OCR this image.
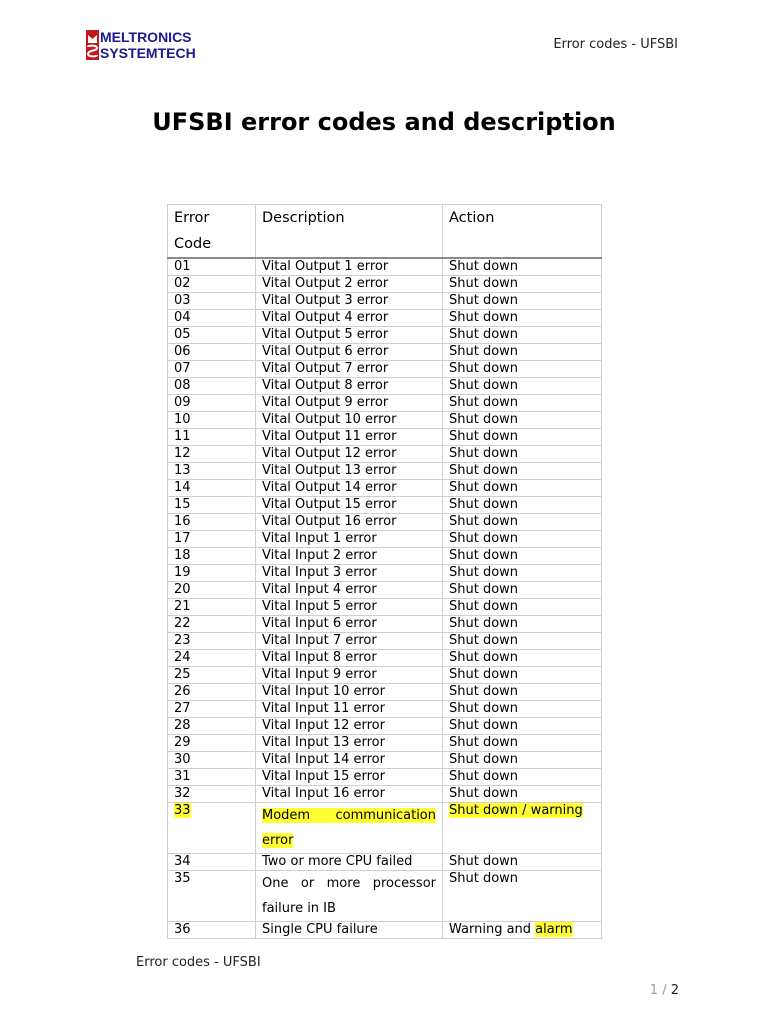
MELTRONICS
SYSTEMTECH
Error codes - UFSBI
UFSBI error codes and description
Error Code	Description	Action
01	Vital Output 1 error	Shut down
02	Vital Output 2 error	Shut down
03	Vital Output 3 error	Shut down
04	Vital Output 4 error	Shut down
05	Vital Output 5 error	Shut down
06	Vital Output 6 error	Shut down
07	Vital Output 7 error	Shut down
08	Vital Output 8 error	Shut down
09	Vital Output 9 error	Shut down
10	Vital Output 10 error	Shut down
11	Vital Output 11 error	Shut down
12	Vital Output 12 error	Shut down
13	Vital Output 13 error	Shut down
14	Vital Output 14 error	Shut down
15	Vital Output 15 error	Shut down
16	Vital Output 16 error	Shut down
17	Vital Input 1 error	Shut down
18	Vital Input 2 error	Shut down
19	Vital Input 3 error	Shut down
20	Vital Input 4 error	Shut down
21	Vital Input 5 error	Shut down
22	Vital Input 6 error	Shut down
23	Vital Input 7 error	Shut down
24	Vital Input 8 error	Shut down
25	Vital Input 9 error	Shut down
26	Vital Input 10 error	Shut down
27	Vital Input 11 error	Shut down
28	Vital Input 12 error	Shut down
29	Vital Input 13 error	Shut down
30	Vital Input 14 error	Shut down
31	Vital Input 15 error	Shut down
32	Vital Input 16 error	Shut down
33	Modem communication error	Shut down / warning
34	Two or more CPU failed	Shut down
35	One or more processor failure in IB	Shut down
36	Single CPU failure	Warning and alarm
Error codes - UFSBI
1 / 2
